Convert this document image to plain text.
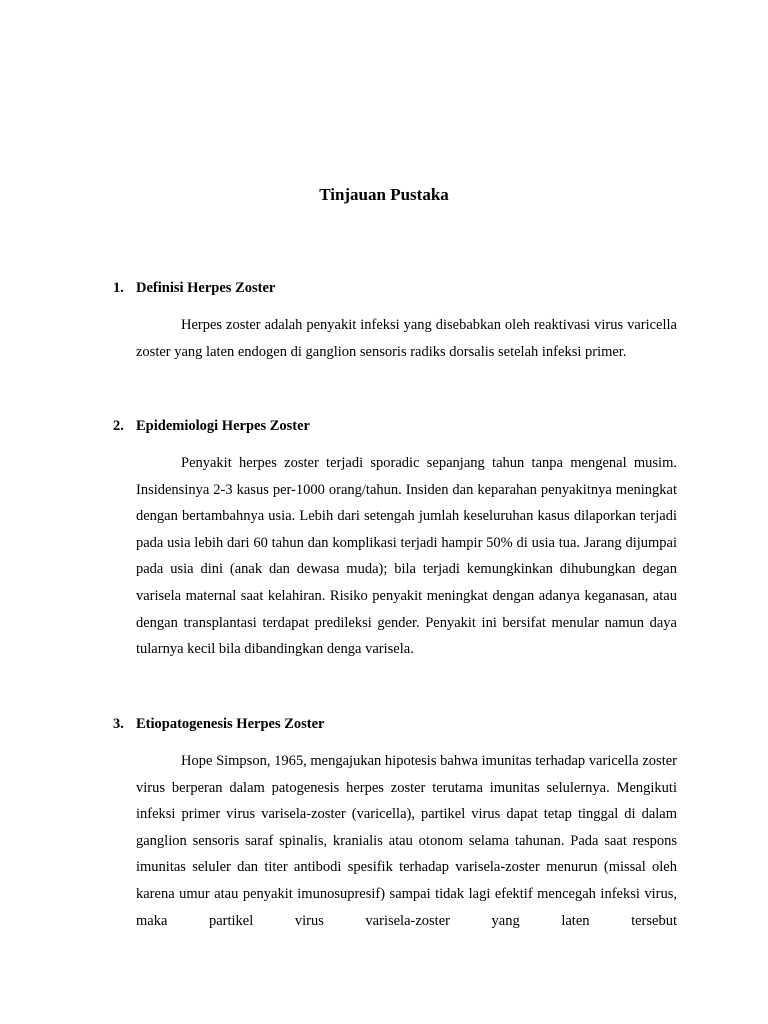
Tinjauan Pustaka
1. Definisi Herpes Zoster

Herpes zoster adalah penyakit infeksi yang disebabkan oleh reaktivasi virus varicella zoster yang laten endogen di ganglion sensoris radiks dorsalis setelah infeksi primer.

2. Epidemiologi Herpes Zoster

Penyakit herpes zoster terjadi sporadic sepanjang tahun tanpa mengenal musim. Insidensinya 2-3 kasus per-1000 orang/tahun. Insiden dan keparahan penyakitnya meningkat dengan bertambahnya usia. Lebih dari setengah jumlah keseluruhan kasus dilaporkan terjadi pada usia lebih dari 60 tahun dan komplikasi terjadi hampir 50% di usia tua. Jarang dijumpai pada usia dini (anak dan dewasa muda); bila terjadi kemungkinkan dihubungkan degan varisela maternal saat kelahiran. Risiko penyakit meningkat dengan adanya keganasan, atau dengan transplantasi terdapat predileksi gender. Penyakit ini bersifat menular namun daya tularnya kecil bila dibandingkan denga varisela.

3. Etiopatogenesis Herpes Zoster

Hope Simpson, 1965, mengajukan hipotesis bahwa imunitas terhadap varicella zoster virus berperan dalam patogenesis herpes zoster terutama imunitas selulernya. Mengikuti infeksi primer virus varisela-zoster (varicella), partikel virus dapat tetap tinggal di dalam ganglion sensoris saraf spinalis, kranialis atau otonom selama tahunan. Pada saat respons imunitas seluler dan titer antibodi spesifik terhadap varisela-zoster menurun (missal oleh karena umur atau penyakit imunosupresif) sampai tidak lagi efektif mencegah infeksi virus, maka partikel virus varisela-zoster yang laten tersebut
